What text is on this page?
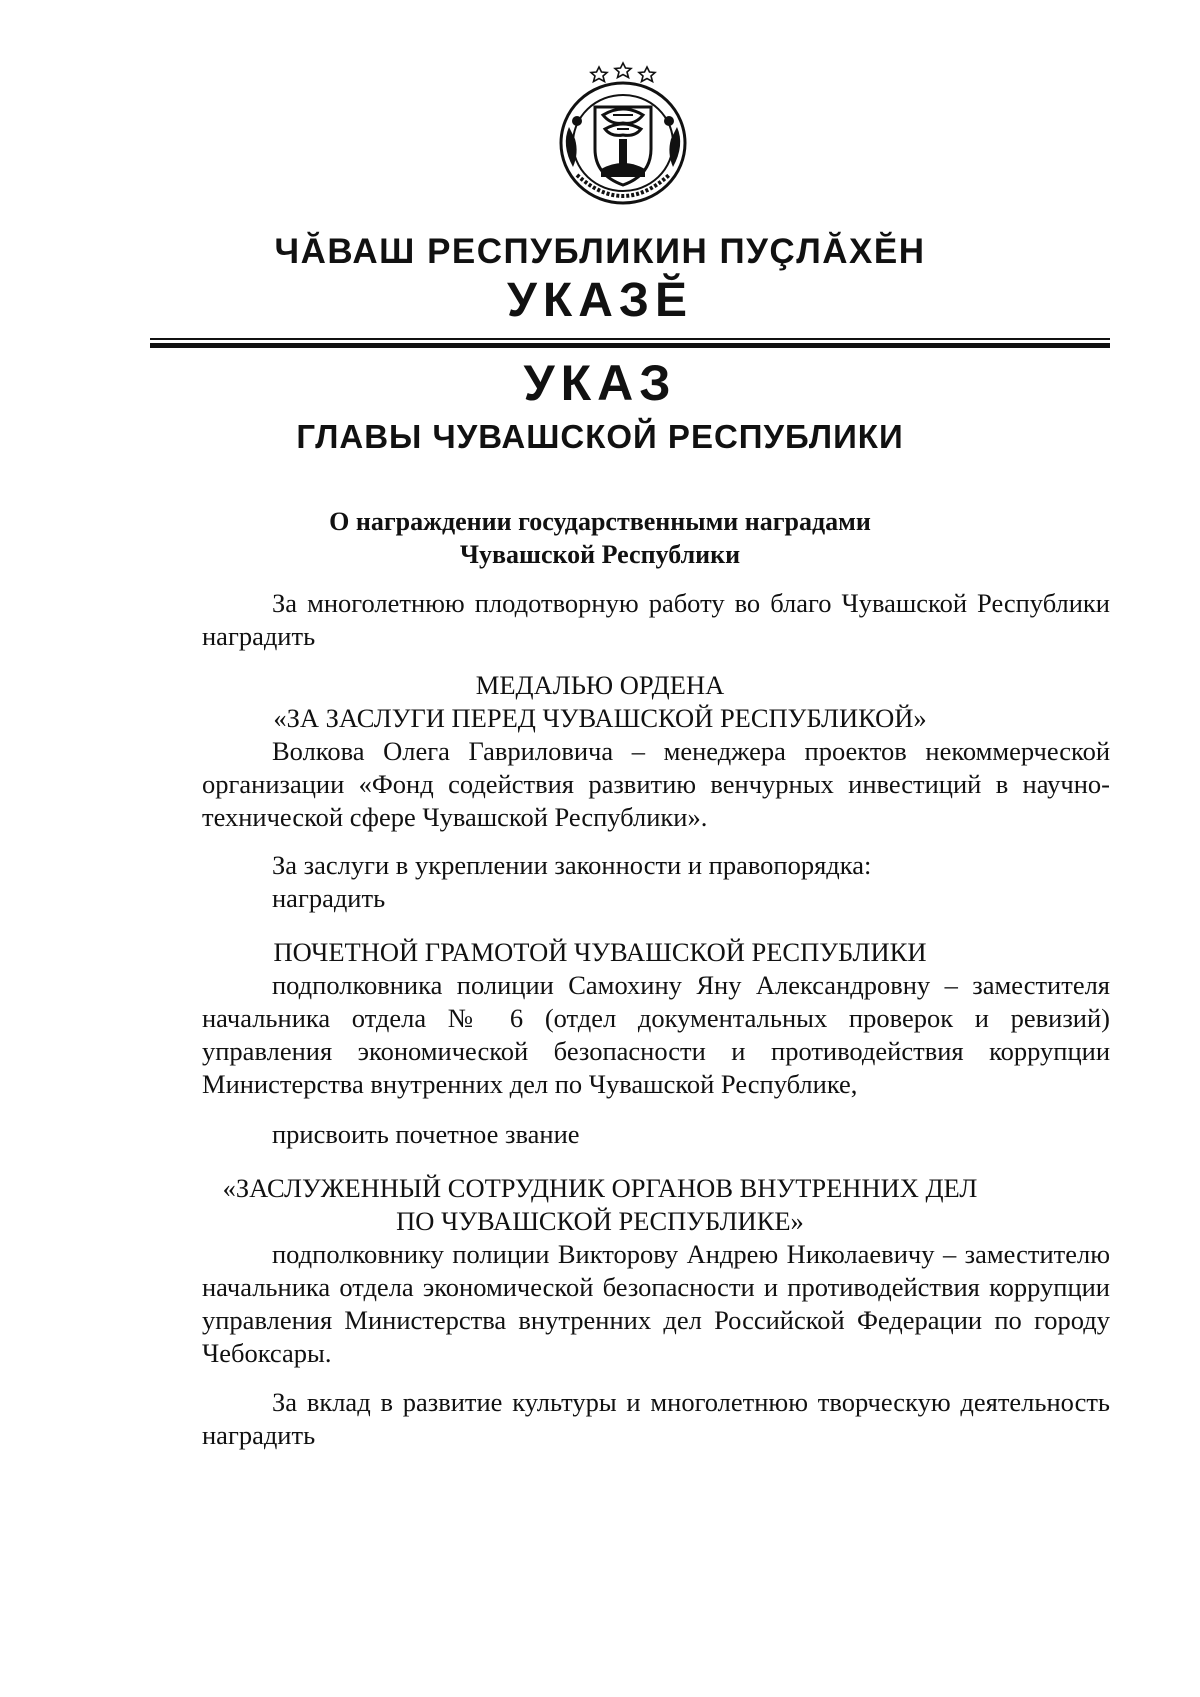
ЧĂВАШ РЕСПУБЛИКИН ПУÇЛĂХĔН
УКАЗĔ
УКАЗ
ГЛАВЫ ЧУВАШСКОЙ РЕСПУБЛИКИ
О награждении государственными наградами
Чувашской Республики
За многолетнюю плодотворную работу во благо Чувашской Республики наградить
МЕДАЛЬЮ ОРДЕНА
«ЗА ЗАСЛУГИ ПЕРЕД ЧУВАШСКОЙ РЕСПУБЛИКОЙ»
Волкова Олега Гавриловича – менеджера проектов некоммерческой организации «Фонд содействия развитию венчурных инвестиций в научно-технической сфере Чувашской Республики».
За заслуги в укреплении законности и правопорядка:
наградить
ПОЧЕТНОЙ ГРАМОТОЙ ЧУВАШСКОЙ РЕСПУБЛИКИ
подполковника полиции Самохину Яну Александровну – заместителя начальника отдела № 6 (отдел документальных проверок и ревизий) управления экономической безопасности и противодействия коррупции Министерства внутренних дел по Чувашской Республике,
присвоить почетное звание
«ЗАСЛУЖЕННЫЙ СОТРУДНИК ОРГАНОВ ВНУТРЕННИХ ДЕЛ
ПО ЧУВАШСКОЙ РЕСПУБЛИКЕ»
подполковнику полиции Викторову Андрею Николаевичу – заместителю начальника отдела экономической безопасности и противодействия коррупции управления Министерства внутренних дел Российской Федерации по городу Чебоксары.
За вклад в развитие культуры и многолетнюю творческую деятельность наградить
